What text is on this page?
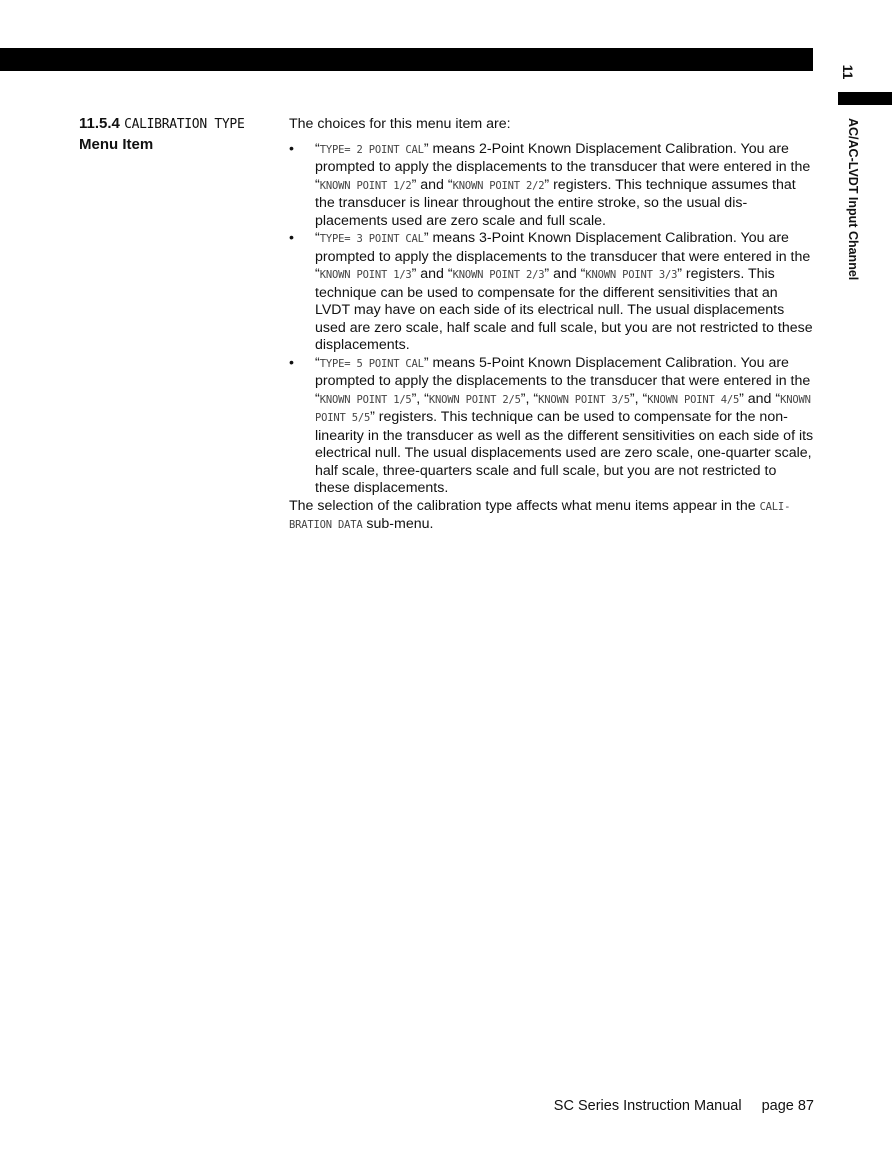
11
AC/AC-LVDT Input Channel
11.5.4 CALIBRATION TYPE
Menu Item

The choices for this menu item are:

• “TYPE= 2 POINT CAL” means 2-Point Known Displacement Calibration. You are prompted to apply the displacements to the transducer that were entered in the “KNOWN POINT 1/2” and “KNOWN POINT 2/2” registers. This technique assumes that the transducer is linear throughout the entire stroke, so the usual displacements used are zero scale and full scale.
• “TYPE= 3 POINT CAL” means 3-Point Known Displacement Calibration. You are prompted to apply the displacements to the transducer that were entered in the “KNOWN POINT 1/3” and “KNOWN POINT 2/3” and “KNOWN POINT 3/3” registers. This technique can be used to compensate for the different sensitivities that an LVDT may have on each side of its electrical null. The usual displacements used are zero scale, half scale and full scale, but you are not restricted to these displacements.
• “TYPE= 5 POINT CAL” means 5-Point Known Displacement Calibration. You are prompted to apply the displacements to the transducer that were entered in the “KNOWN POINT 1/5”, “KNOWN POINT 2/5”, “KNOWN POINT 3/5”, “KNOWN POINT 4/5” and “KNOWN POINT 5/5” registers. This technique can be used to compensate for the non-linearity in the transducer as well as the different sensitivities on each side of its electrical null. The usual displacements used are zero scale, one-quarter scale, half scale, three-quarters scale and full scale, but you are not restricted to these displacements.

The selection of the calibration type affects what menu items appear in the CALIBRATION DATA sub-menu.

SC Series Instruction Manual page 87
